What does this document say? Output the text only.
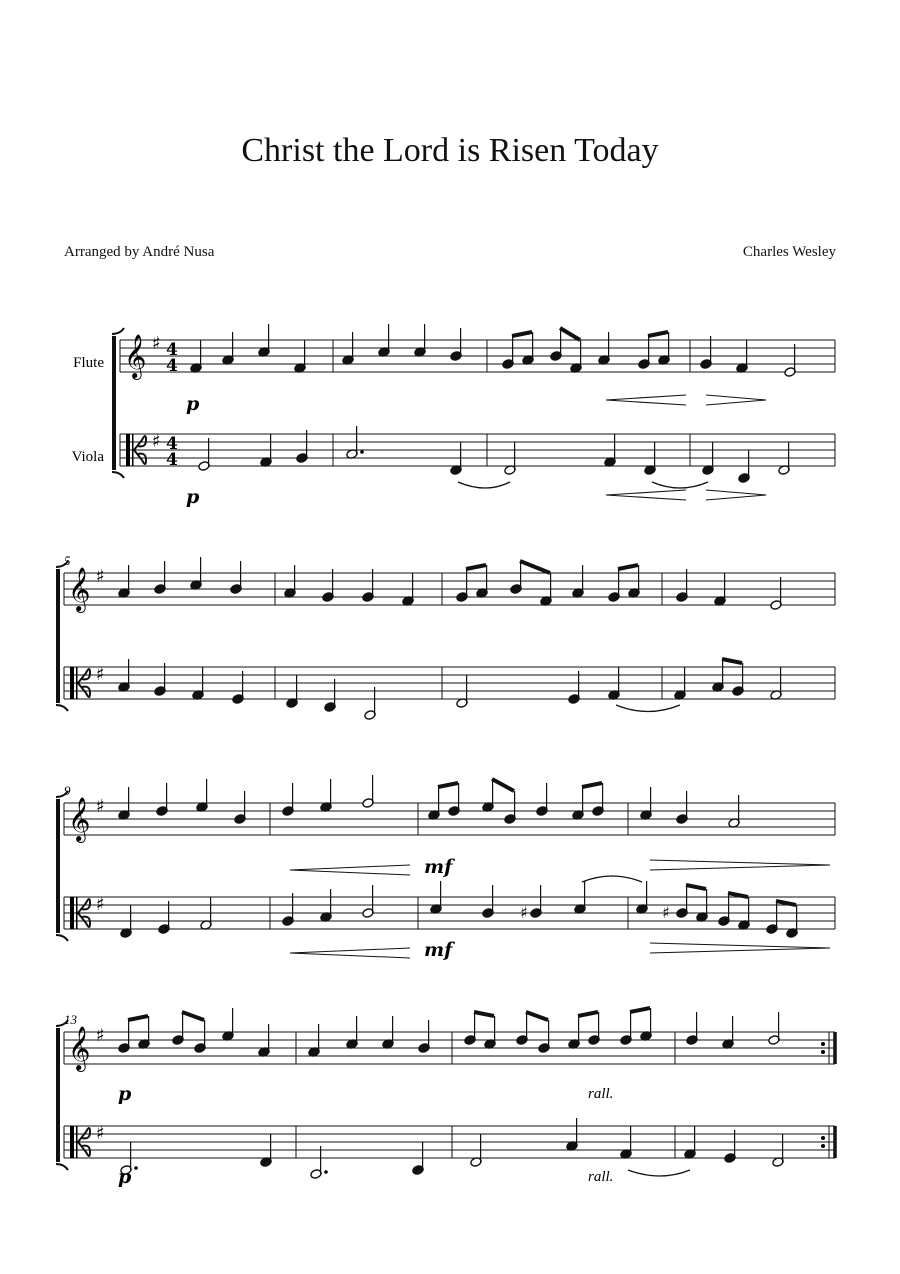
Christ the Lord is Risen Today
Arranged by André Nusa	Charles Wesley
𝄞 ♯ 4
4
♯ 4
4
𝄞 ♯
♯
𝄞 ♯
♯
𝄞 ♯
♯
♯	♯
Flute
Viola
5
9
13
p
p
mf
mf
p
p
rall.
rall.
